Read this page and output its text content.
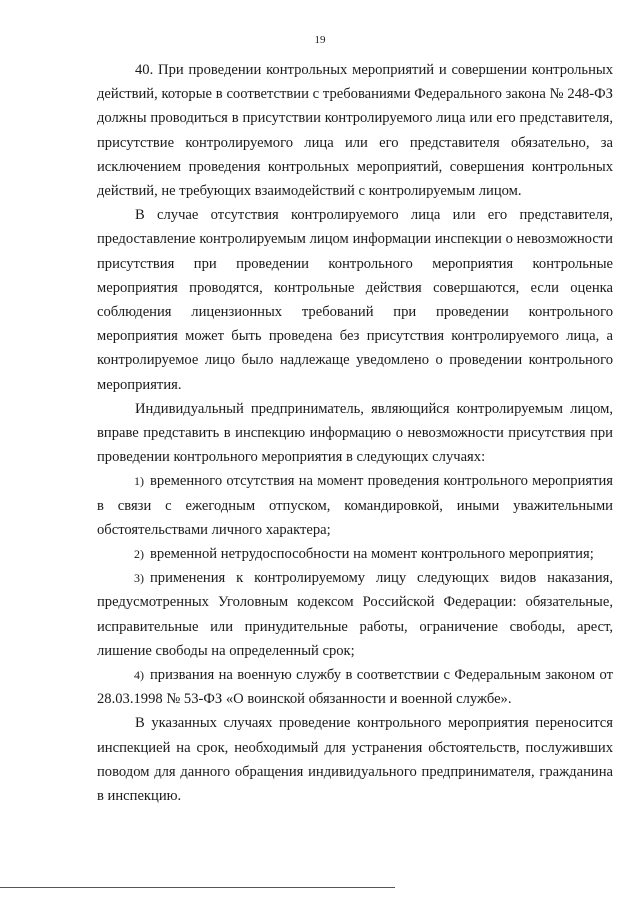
19

40. При проведении контрольных мероприятий и совершении контрольных действий, которые в соответствии с требованиями Федерального закона № 248-ФЗ должны проводиться в присутствии контролируемого лица или его представителя, присутствие контролируемого лица или его представителя обязательно, за исключением проведения контрольных мероприятий, совершения контрольных действий, не требующих взаимодействий с контролируемым лицом.

В случае отсутствия контролируемого лица или его представителя, предоставление контролируемым лицом информации инспекции о невозможности присутствия при проведении контрольного мероприятия контрольные мероприятия проводятся, контрольные действия совершаются, если оценка соблюдения лицензионных требований при проведении контрольного мероприятия может быть проведена без присутствия контролируемого лица, а контролируемое лицо было надлежаще уведомлено о проведении контрольного мероприятия.

Индивидуальный предприниматель, являющийся контролируемым лицом, вправе представить в инспекцию информацию о невозможности присутствия при проведении контрольного мероприятия в следующих случаях:

1) временного отсутствия на момент проведения контрольного мероприятия в связи с ежегодным отпуском, командировкой, иными уважительными обстоятельствами личного характера;

2) временной нетрудоспособности на момент контрольного мероприятия;

3) применения к контролируемому лицу следующих видов наказания, предусмотренных Уголовным кодексом Российской Федерации: обязательные, исправительные или принудительные работы, ограничение свободы, арест, лишение свободы на определенный срок;

4) призвания на военную службу в соответствии с Федеральным законом от 28.03.1998 № 53-ФЗ «О воинской обязанности и военной службе».

В указанных случаях проведение контрольного мероприятия переносится инспекцией на срок, необходимый для устранения обстоятельств, послуживших поводом для данного обращения индивидуального предпринимателя, гражданина в инспекцию.
